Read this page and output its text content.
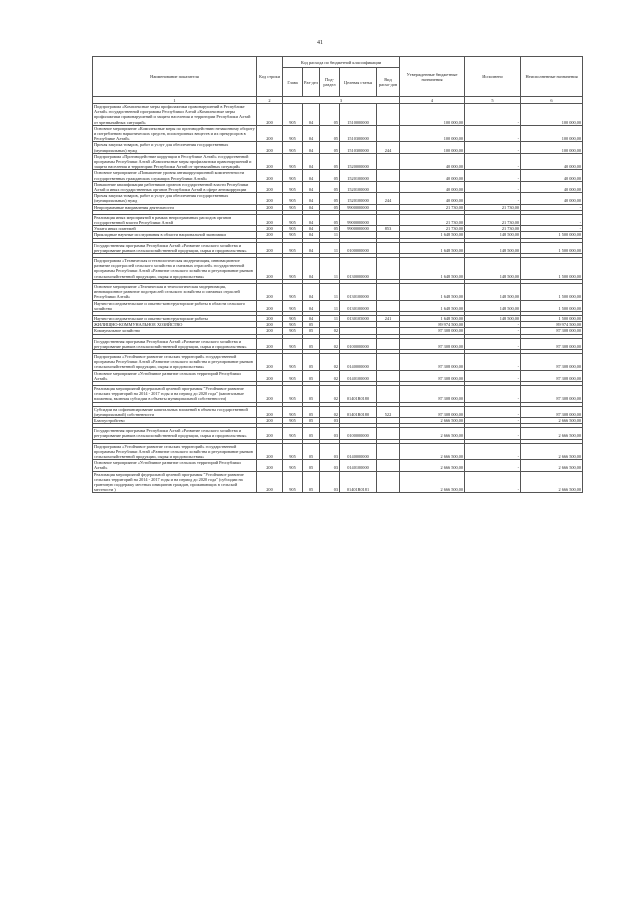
41
Наименование показателя	Код строки	Код расхода по бюджетной классификации					Утвержденные бюджетные назначения	Исполнено	Неисполненные назначения
		Глава	Раз-дел	Под-раздел	Целевая статья	Вид расхо-дов			
1	2	3					4	5	6
Подпрограмма «Комплексные меры профилактики правонарушений в Республике Алтай» государственной программы Республики Алтай «Комплексные меры профилактики правонарушений и защита населения и территории Республики Алтай от чрезвычайных ситуаций»	200	905	04	05	1510000000		100 000,00	-	100 000,00
Основное мероприятие «Комплексные меры по противодействию незаконному обороту и потреблению наркотических средств, психотропных веществ и их прекурсоров в Республике Алтай»	200	905	04	05	1510300000		100 000,00	-	100 000,00
Прочая закупка товаров, работ и услуг для обеспечения государственных (муниципальных) нужд	200	905	04	05	1510300000	244	100 000,00	-	100 000,00
Подпрограмма «Противодействие коррупции в Республике Алтай» государственной программы Республики Алтай «Комплексные меры профилактики правонарушений и защита населения и территории Республики Алтай от чрезвычайных ситуаций»	200	905	04	05	1520000000		40 000,00	-	40 000,00
Основное мероприятие «Повышение уровня антикоррупционной компетентности государственных гражданских служащих Республики Алтай»	200	905	04	05	1520100000		40 000,00	-	40 000,00
Повышение квалификации работников органов государственной власти Республики Алтай и иных государственных органов Республики Алтай в сфере антикоррупции	200	905	04	05	1520100000		40 000,00	-	40 000,00
Прочая закупка товаров, работ и услуг для обеспечения государственных (муниципальных) нужд	200	905	04	05	1520100000	244	40 000,00	-	40 000,00
Непрограммные направления деятельности	200	905	04	05	9900000000		21 730,00	21 730,00	-

Реализация иных мероприятий в рамках непрограммных расходов органов государственной власти Республики Алтай	200	905	04	05	9900000000		21 730,00	21 730,00	-
Уплата иных платежей	200	905	04	05	9900000000	853	21 730,00	21 730,00	-
Прикладные научные исследования в области национальной экономики	200	905	04	11			1 648 500,00	148 500,00	1 500 000,00

Государственная программа Республики Алтай «Развитие сельского хозяйства и регулирование рынков сельскохозяйственной продукции, сырья и продовольствия»	200	905	04	11	0100000000		1 648 500,00	148 500,00	1 500 000,00

Подпрограмма «Техническая и технологическая модернизация, инновационное развитие подотраслей сельского хозяйства и смежных отраслей» государственной программы Республики Алтай «Развитие сельского хозяйства и регулирование рынков сельскохозяйственной продукции, сырья и продовольствия»	200	905	04	11	0130000000		1 648 500,00	148 500,00	1 500 000,00

Основное мероприятие «Техническая и технологическая модернизация, инновационное развитие подотраслей сельского хозяйства и смежных отраслей Республики Алтай»	200	905	04	11	0130100000		1 648 500,00	148 500,00	1 500 000,00
Научно-исследовательские и опытно-конструкторские работы в области сельского хозяйства	200	905	04	11	0130100000		1 648 500,00	148 500,00	1 500 000,00

Научно-исследовательские и опытно-конструкторские работы	200	905	04	11	0130105000	241	1 648 500,00	148 500,00	1 500 000,00
ЖИЛИЩНО-КОММУНАЛЬНОЕ ХОЗЯЙСТВО	200	905	05				89 974 500,00	-	89 974 500,00
Коммунальное хозяйство	200	905	05	02			87 308 000,00	-	87 308 000,00

Государственная программа Республики Алтай «Развитие сельского хозяйства и регулирование рынков сельскохозяйственной продукции, сырья и продовольствия»	200	905	05	02	0100000000		87 308 000,00	-	87 308 000,00

Подпрограмма «Устойчивое развитие сельских территорий» государственной программы Республики Алтай «Развитие сельского хозяйства и регулирование рынков сельскохозяйственной продукции, сырья и продовольствия»	200	905	05	02	0140000000		87 308 000,00	-	87 308 000,00
Основное мероприятие «Устойчивое развитие сельских территорий Республики Алтай»	200	905	05	02	0140100000		87 308 000,00	-	87 308 000,00

Реализация мероприятий федеральной целевой программы "Устойчивое развитие сельских территорий на 2014 - 2017 годы и на период до 2020 года" (капитальные вложения, включая субсидии в объекты муниципальной собственности)	200	905	05	02	01401R0180		87 308 000,00	-	87 308 000,00

Субсидии на софинансирование капитальных вложений в объекты государственной (муниципальной) собственности	200	905	05	02	01401R0180	522	87 308 000,00	-	87 308 000,00
Благоустройство	200	905	05	03			2 666 500,00	-	2 666 500,00

Государственная программа Республики Алтай «Развитие сельского хозяйства и регулирование рынков сельскохозяйственной продукции, сырья и продовольствия»	200	905	05	03	0100000000		2 666 500,00	-	2 666 500,00

Подпрограмма «Устойчивое развитие сельских территорий» государственной программы Республики Алтай «Развитие сельского хозяйства и регулирование рынков сельскохозяйственной продукции, сырья и продовольствия»	200	905	05	03	0140000000		2 666 500,00	-	2 666 500,00
Основное мероприятие «Устойчивое развитие сельских территорий Республики Алтай»	200	905	05	03	0140100000		2 666 500,00	-	2 666 500,00
Реализация мероприятий федеральной целевой программы "Устойчивое развитие сельских территорий на 2014 - 2017 годы и на период до 2020 года" (субсидии на грантовую поддержку местных инициатив граждан, проживающих в сельской местности )	200	905	05	03	01401R0181		2 666 500,00	-	2 666 500,00
